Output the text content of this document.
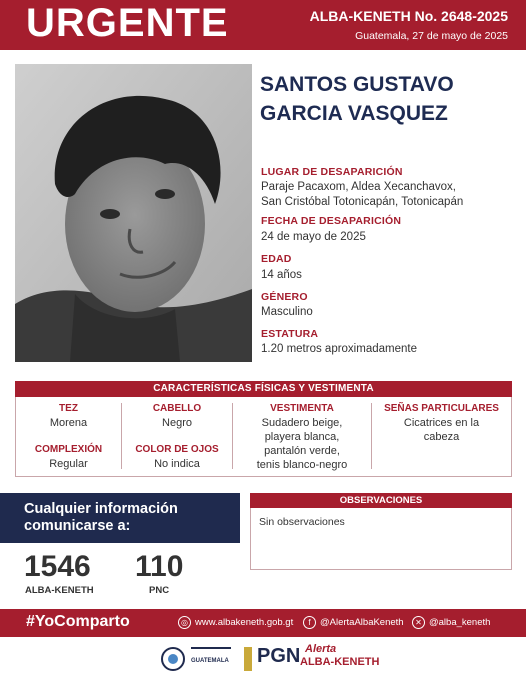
URGENTE	ALBA-KENETH No. 2648-2025
Guatemala, 27 de mayo de 2025
SANTOS GUSTAVO
GARCIA VASQUEZ
LUGAR DE DESAPARICIÓN
Paraje Pacaxom, Aldea Xecanchavox,
San Cristóbal Totonicapán, Totonicapán
FECHA DE DESAPARICIÓN
24 de mayo de 2025
EDAD
14 años
GÉNERO
Masculino
ESTATURA
1.20 metros aproximadamente
CARACTERÍSTICAS FÍSICAS Y VESTIMENTA
TEZ
Morena
COMPLEXIÓN
Regular
CABELLO
Negro
COLOR DE OJOS
No indica
VESTIMENTA
Sudadero beige,
playera blanca,
pantalón verde,
tenis blanco-negro
SEÑAS PARTICULARES
Cicatrices en la
cabeza
Cualquier información
comunicarse a:
1546
ALBA-KENETH
110
PNC
OBSERVACIONES
Sin observaciones
#YoComparto	◎ www.albakeneth.gob.gt	f @AlertaAlbaKeneth	✕ @alba_keneth
GUATEMALA PGN Alerta
ALBA-KENETH
